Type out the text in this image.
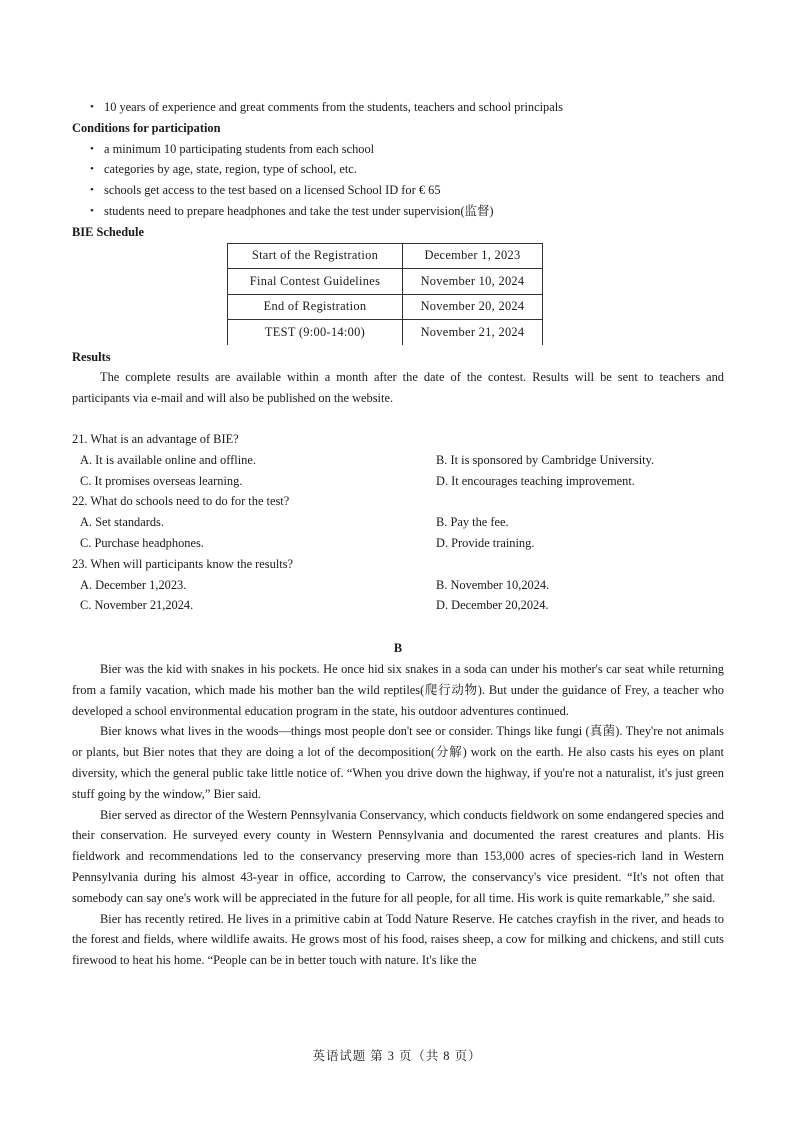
• 10 years of experience and great comments from the students, teachers and school principals
Conditions for participation
• a minimum 10 participating students from each school
• categories by age, state, region, type of school, etc.
• schools get access to the test based on a licensed School ID for € 65
• students need to prepare headphones and take the test under supervision(监督)
BIE Schedule
Start of the Registration	December 1, 2023
Final Contest Guidelines	November 10, 2024
End of Registration	November 20, 2024
TEST (9:00-14:00)	November 21, 2024
Results

The complete results are available within a month after the date of the contest. Results will be sent to teachers and participants via e-mail and will also be published on the website.

21. What is an advantage of BIE?
A. It is available online and offline.	B. It is sponsored by Cambridge University.
C. It promises overseas learning.	D. It encourages teaching improvement.
22. What do schools need to do for the test?
A. Set standards.	B. Pay the fee.
C. Purchase headphones.	D. Provide training.
23. When will participants know the results?
A. December 1,2023.	B. November 10,2024.
C. November 21,2024.	D. December 20,2024.
B

Bier was the kid with snakes in his pockets. He once hid six snakes in a soda can under his mother's car seat while returning from a family vacation, which made his mother ban the wild reptiles(爬行动物). But under the guidance of Frey, a teacher who developed a school environmental education program in the state, his outdoor adventures continued.

Bier knows what lives in the woods—things most people don't see or consider. Things like fungi (真菌). They're not animals or plants, but Bier notes that they are doing a lot of the decomposition(分解) work on the earth. He also casts his eyes on plant diversity, which the general public take little notice of. “When you drive down the highway, if you're not a naturalist, it's just green stuff going by the window,” Bier said.

Bier served as director of the Western Pennsylvania Conservancy, which conducts fieldwork on some endangered species and their conservation. He surveyed every county in Western Pennsylvania and documented the rarest creatures and plants. His fieldwork and recommendations led to the conservancy preserving more than 153,000 acres of species-rich land in Western Pennsylvania during his almost 43-year in office, according to Carrow, the conservancy's vice president. “It's not often that somebody can say one's work will be appreciated in the future for all people, for all time. His work is quite remarkable,” she said.

Bier has recently retired. He lives in a primitive cabin at Todd Nature Reserve. He catches crayfish in the river, and heads to the forest and fields, where wildlife awaits. He grows most of his food, raises sheep, a cow for milking and chickens, and still cuts firewood to heat his home. “People can be in better touch with nature. It's like the

英语试题 第 3 页（共 8 页）
